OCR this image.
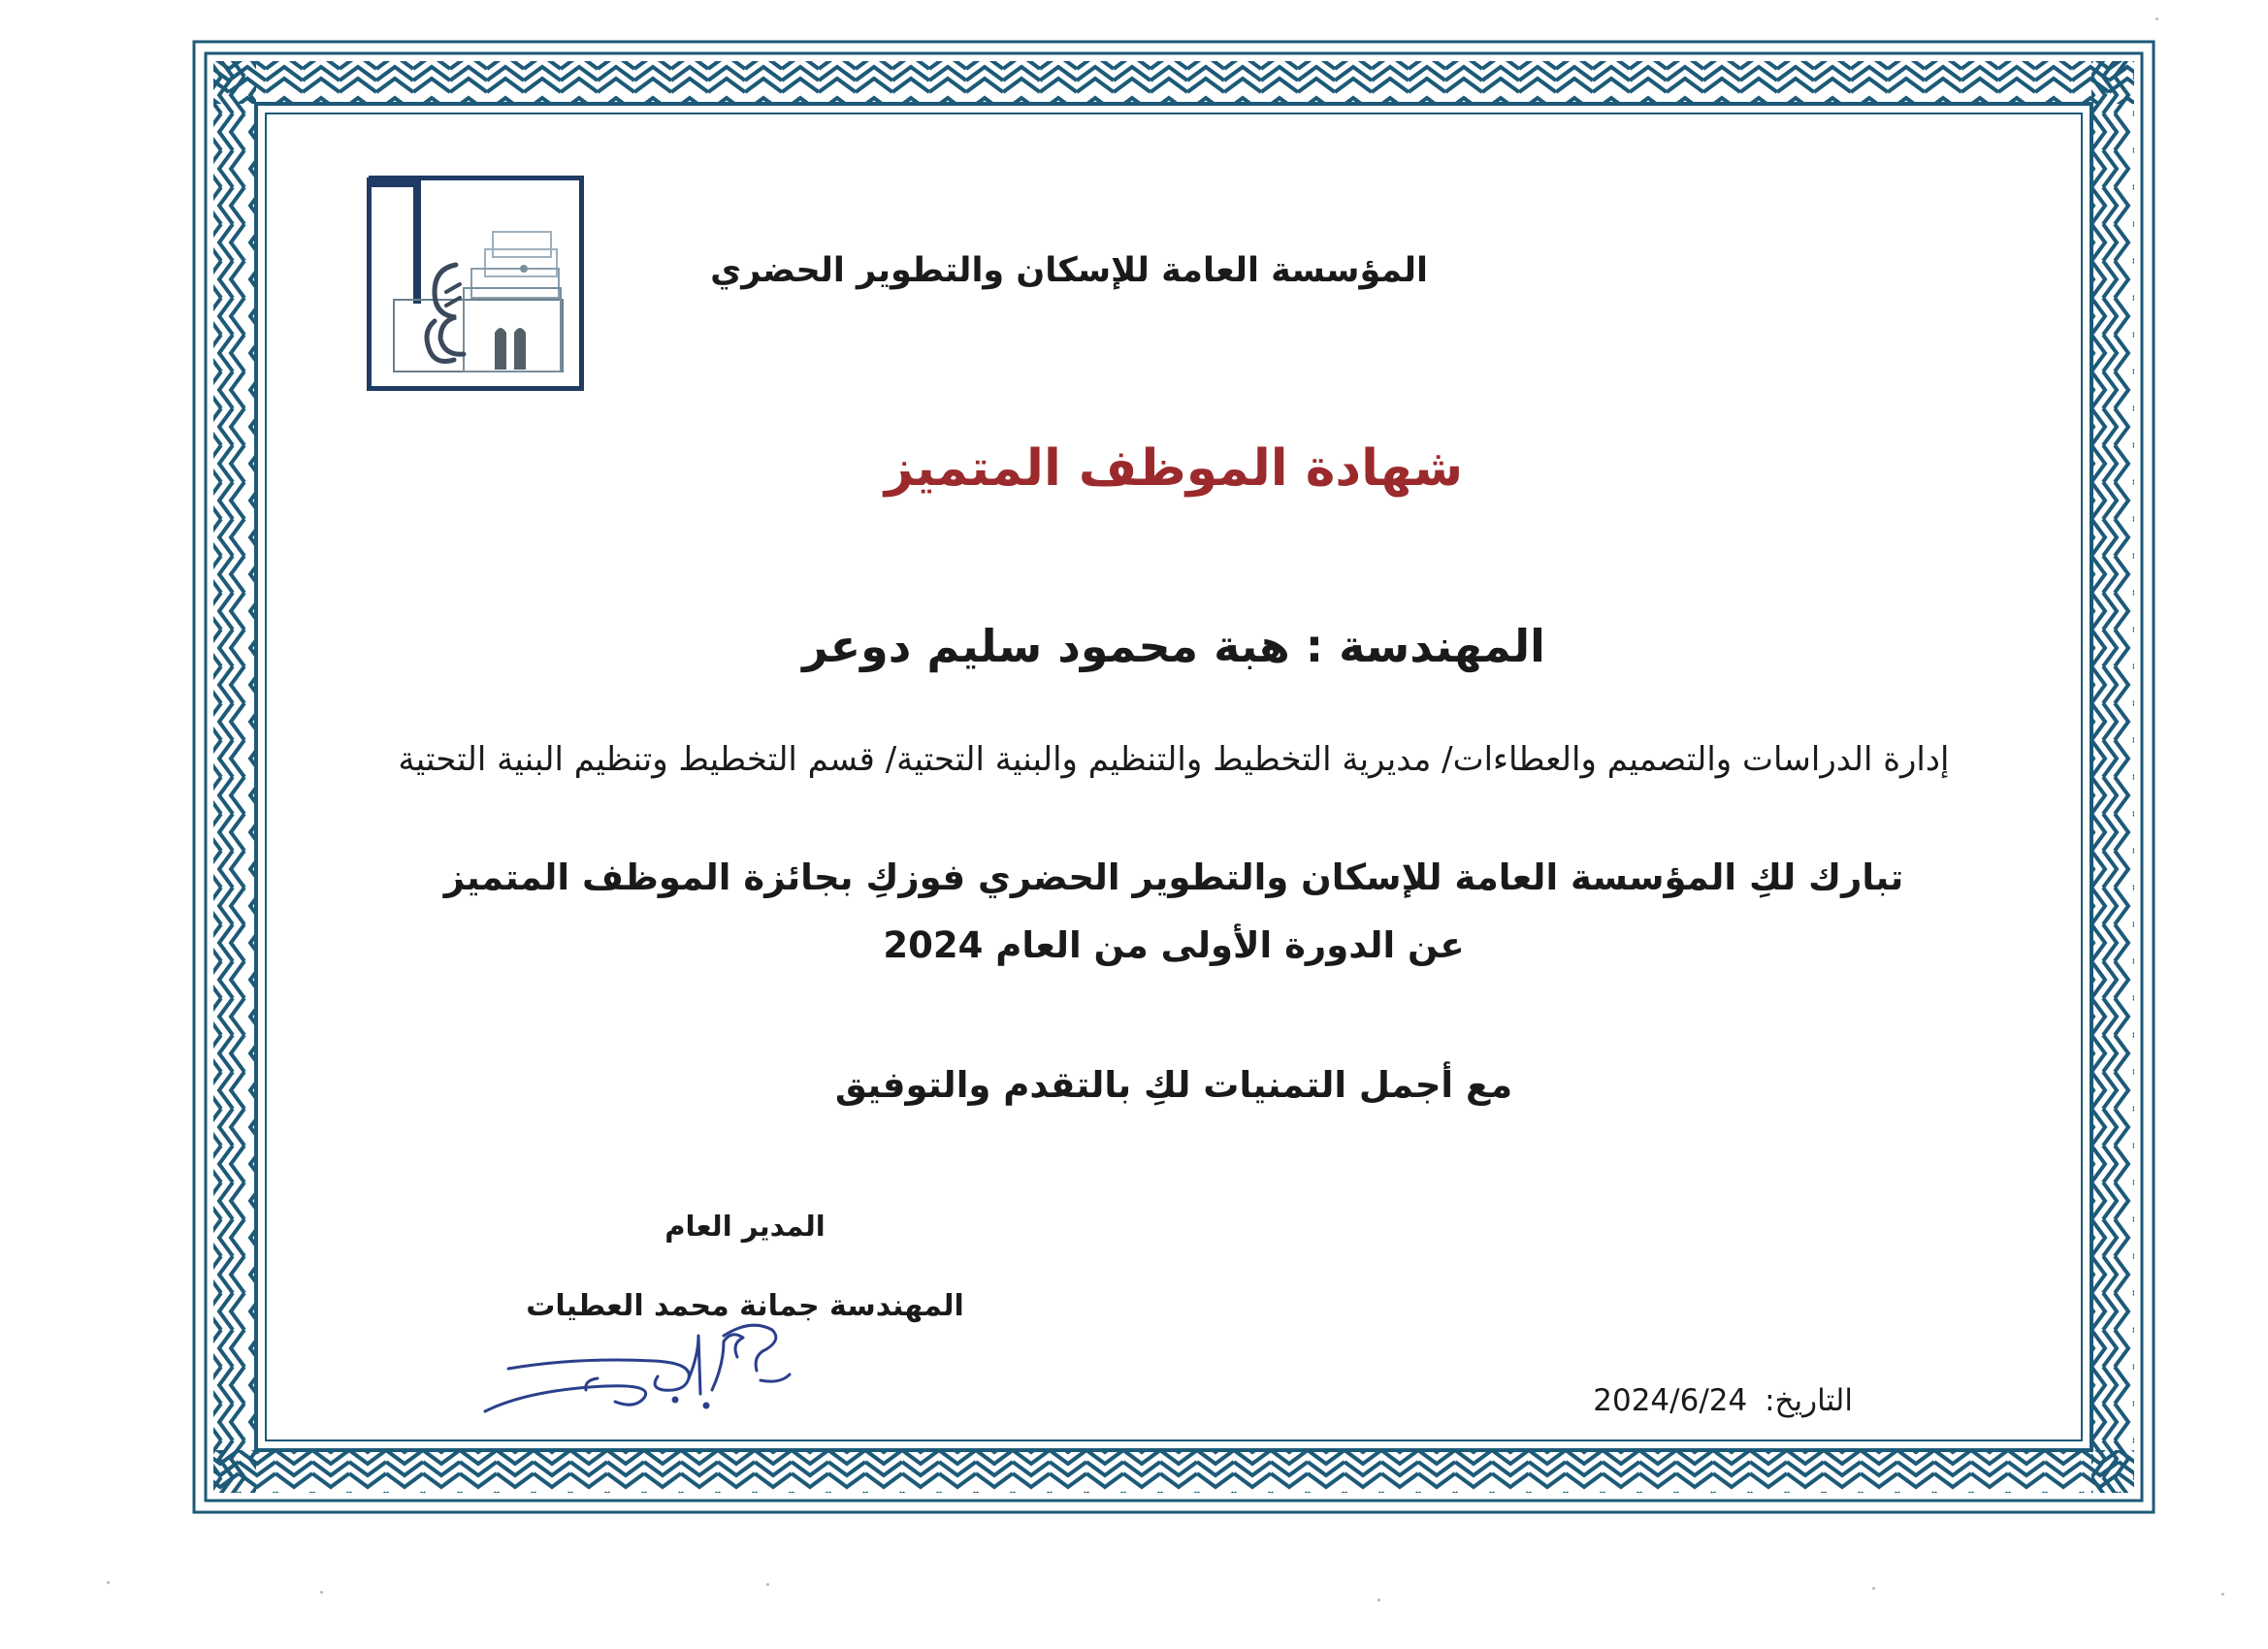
المؤسسة العامة للإسكان والتطوير الحضري

شهادة الموظف المتميز

المهندسة : هبة محمود سليم دوعر

إدارة الدراسات والتصميم والعطاءات/ مديرية التخطيط والتنظيم والبنية التحتية/ قسم التخطيط وتنظيم البنية التحتية

تبارك لكِ المؤسسة العامة للإسكان والتطوير الحضري فوزكِ بجائزة الموظف المتميز

عن الدورة الأولى من العام 2024

مع أجمل التمنيات لكِ بالتقدم والتوفيق

المدير العام

المهندسة جمانة محمد العطيات

التاريخ: 2024/6/24
